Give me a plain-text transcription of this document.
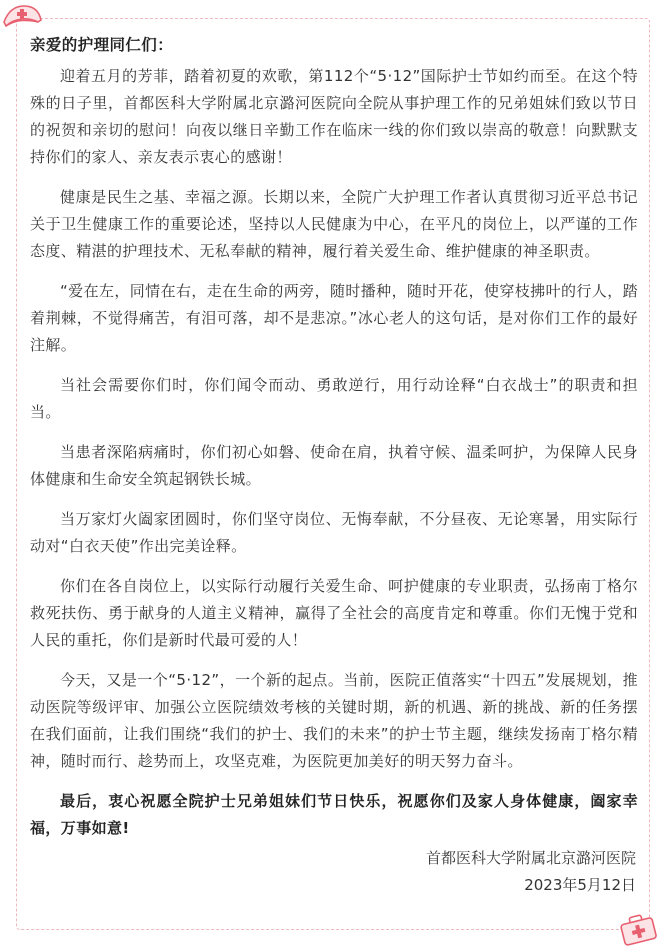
亲爱的护理同仁们：

迎着五月的芳菲，踏着初夏的欢歌，第112个“5·12”国际护士节如约而至。在这个特殊的日子里，首都医科大学附属北京潞河医院向全院从事护理工作的兄弟姐妹们致以节日的祝贺和亲切的慰问！向夜以继日辛勤工作在临床一线的你们致以崇高的敬意！向默默支持你们的家人、亲友表示衷心的感谢！

健康是民生之基、幸福之源。长期以来，全院广大护理工作者认真贯彻习近平总书记关于卫生健康工作的重要论述，坚持以人民健康为中心，在平凡的岗位上，以严谨的工作态度、精湛的护理技术、无私奉献的精神，履行着关爱生命、维护健康的神圣职责。

“爱在左，同情在右，走在生命的两旁，随时播种，随时开花，使穿枝拂叶的行人，踏着荆棘，不觉得痛苦，有泪可落，却不是悲凉。”冰心老人的这句话，是对你们工作的最好注解。

当社会需要你们时，你们闻令而动、勇敢逆行，用行动诠释“白衣战士”的职责和担当。

当患者深陷病痛时，你们初心如磐、使命在肩，执着守候、温柔呵护，为保障人民身体健康和生命安全筑起钢铁长城。

当万家灯火阖家团圆时，你们坚守岗位、无悔奉献，不分昼夜、无论寒暑，用实际行动对“白衣天使”作出完美诠释。

你们在各自岗位上，以实际行动履行关爱生命、呵护健康的专业职责，弘扬南丁格尔救死扶伤、勇于献身的人道主义精神，赢得了全社会的高度肯定和尊重。你们无愧于党和人民的重托，你们是新时代最可爱的人！

今天，又是一个“5·12”，一个新的起点。当前，医院正值落实“十四五”发展规划，推动医院等级评审、加强公立医院绩效考核的关键时期，新的机遇、新的挑战、新的任务摆在我们面前，让我们围绕“我们的护士、我们的未来”的护士节主题，继续发扬南丁格尔精神，随时而行、趁势而上，攻坚克难，为医院更加美好的明天努力奋斗。

最后，衷心祝愿全院护士兄弟姐妹们节日快乐，祝愿你们及家人身体健康，阖家幸福，万事如意!

首都医科大学附属北京潞河医院
2023年5月12日
